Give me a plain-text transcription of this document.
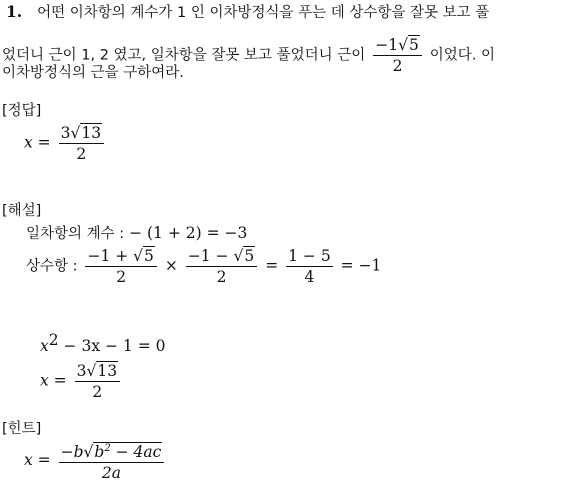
1. 어떤 이차항의 계수가 1 인 이차방정식을 푸는 데 상수항을 잘못 보고 풀
었더니 근이 1, 2 였고, 일차항을 잘못 보고 풀었더니 근이 $\frac{-1√5}{2}$ 이었다. 이
이차방정식의 근을 구하여라.
[정답]
$x = \frac{3√13}{2}$
[해설]
일차항의 계수 : − (1 + 2) = −3
상수항 : $\frac{-1 + √5}{2} \times \frac{-1 - √5}{2} = \frac{1 - 5}{4} = -1$
$x^2 - 3x - 1 = 0$
$x = \frac{3√13}{2}$
[힌트]
$x = \frac{-b√b^2 - 4ac}{2a}$
